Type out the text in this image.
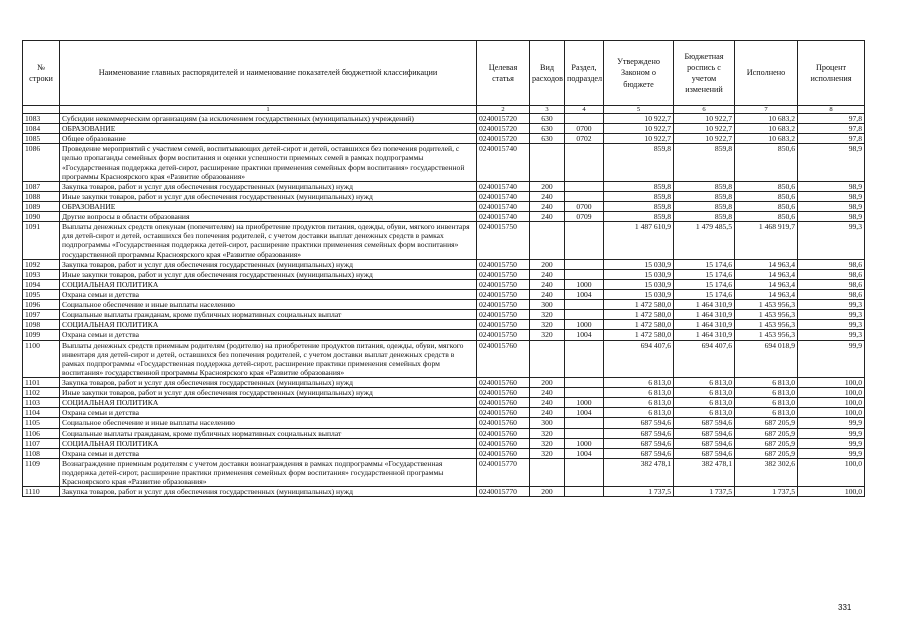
№ строки	Наименование главных распорядителей и наименование показателей бюджетной классификации	Целевая статья	Вид расходов	Раздел, подраздел	Утверждено Законом о бюджете	Бюджетная роспись с учетом изменений	Исполнено	Процент исполнения
	1	2	3	4	5	6	7	8
1083	Субсидии некоммерческим организациям (за исключением государственных (муниципальных) учреждений)	0240015720	630		10 922,7	10 922,7	10 683,2	97,8
1084	ОБРАЗОВАНИЕ	0240015720	630	0700	10 922,7	10 922,7	10 683,2	97,8
1085	Общее образование	0240015720	630	0702	10 922,7	10 922,7	10 683,2	97,8
1086	Проведение мероприятий с участием семей, воспитывающих детей-сирот и детей, оставшихся без попечения родителей, с целью пропаганды семейных форм воспитания и оценки успешности приемных семей в рамках подпрограммы «Государственная поддержка детей-сирот, расширение практики применения семейных форм воспитания» государственной программы Красноярского края «Развитие образования»	0240015740			859,8	859,8	850,6	98,9
1087	Закупка товаров, работ и услуг для обеспечения государственных (муниципальных) нужд	0240015740	200		859,8	859,8	850,6	98,9
1088	Иные закупки товаров, работ и услуг для обеспечения государственных (муниципальных) нужд	0240015740	240		859,8	859,8	850,6	98,9
1089	ОБРАЗОВАНИЕ	0240015740	240	0700	859,8	859,8	850,6	98,9
1090	Другие вопросы в области образования	0240015740	240	0709	859,8	859,8	850,6	98,9
1091	Выплаты денежных средств опекунам (попечителям) на приобретение продуктов питания, одежды, обуви, мягкого инвентаря для детей-сирот и детей, оставшихся без попечения родителей, с учетом доставки выплат денежных средств в рамках подпрограммы «Государственная поддержка детей-сирот, расширение практики применения семейных форм воспитания» государственной программы Красноярского края «Развитие образования»	0240015750			1 487 610,9	1 479 485,5	1 468 919,7	99,3
1092	Закупка товаров, работ и услуг для обеспечения государственных (муниципальных) нужд	0240015750	200		15 030,9	15 174,6	14 963,4	98,6
1093	Иные закупки товаров, работ и услуг для обеспечения государственных (муниципальных) нужд	0240015750	240		15 030,9	15 174,6	14 963,4	98,6
1094	СОЦИАЛЬНАЯ ПОЛИТИКА	0240015750	240	1000	15 030,9	15 174,6	14 963,4	98,6
1095	Охрана семьи и детства	0240015750	240	1004	15 030,9	15 174,6	14 963,4	98,6
1096	Социальное обеспечение и иные выплаты населению	0240015750	300		1 472 580,0	1 464 310,9	1 453 956,3	99,3
1097	Социальные выплаты гражданам, кроме публичных нормативных социальных выплат	0240015750	320		1 472 580,0	1 464 310,9	1 453 956,3	99,3
1098	СОЦИАЛЬНАЯ ПОЛИТИКА	0240015750	320	1000	1 472 580,0	1 464 310,9	1 453 956,3	99,3
1099	Охрана семьи и детства	0240015750	320	1004	1 472 580,0	1 464 310,9	1 453 956,3	99,3
1100	Выплаты денежных средств приемным родителям (родителю) на приобретение продуктов питания, одежды, обуви, мягкого инвентаря для детей-сирот и детей, оставшихся без попечения родителей, с учетом доставки выплат денежных средств в рамках подпрограммы «Государственная поддержка детей-сирот, расширение практики применения семейных форм воспитания» государственной программы Красноярского края «Развитие образования»	0240015760			694 407,6	694 407,6	694 018,9	99,9
1101	Закупка товаров, работ и услуг для обеспечения государственных (муниципальных) нужд	0240015760	200		6 813,0	6 813,0	6 813,0	100,0
1102	Иные закупки товаров, работ и услуг для обеспечения государственных (муниципальных) нужд	0240015760	240		6 813,0	6 813,0	6 813,0	100,0
1103	СОЦИАЛЬНАЯ ПОЛИТИКА	0240015760	240	1000	6 813,0	6 813,0	6 813,0	100,0
1104	Охрана семьи и детства	0240015760	240	1004	6 813,0	6 813,0	6 813,0	100,0
1105	Социальное обеспечение и иные выплаты населению	0240015760	300		687 594,6	687 594,6	687 205,9	99,9
1106	Социальные выплаты гражданам, кроме публичных нормативных социальных выплат	0240015760	320		687 594,6	687 594,6	687 205,9	99,9
1107	СОЦИАЛЬНАЯ ПОЛИТИКА	0240015760	320	1000	687 594,6	687 594,6	687 205,9	99,9
1108	Охрана семьи и детства	0240015760	320	1004	687 594,6	687 594,6	687 205,9	99,9
1109	Вознаграждение приемным родителям с учетом доставки вознаграждения в рамках подпрограммы «Государственная поддержка детей-сирот, расширение практики применения семейных форм воспитания» государственной программы Красноярского края «Развитие образования»	0240015770			382 478,1	382 478,1	382 302,6	100,0
1110	Закупка товаров, работ и услуг для обеспечения государственных (муниципальных) нужд	0240015770	200		1 737,5	1 737,5	1 737,5	100,0
331
